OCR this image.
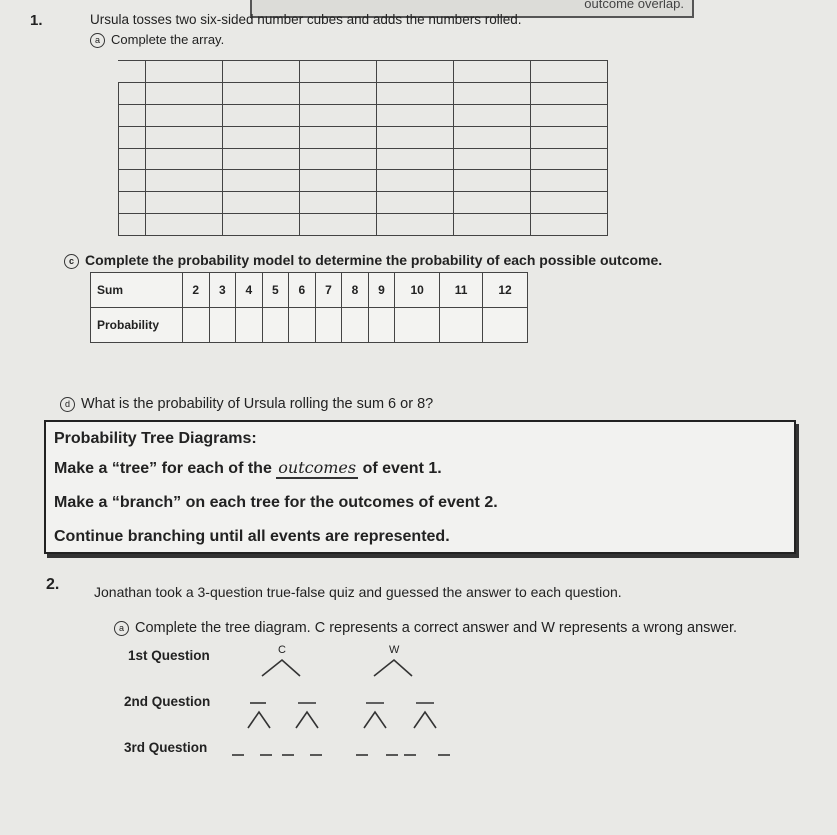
outcome overlap.
1.	Ursula tosses two six-sided number cubes and adds the numbers rolled.
a Complete the array.

c Complete the probability model to determine the probability of each possible outcome.
Sum	2	3	4	5	6	7	8	9	10	11	12
Probability											
d What is the probability of Ursula rolling the sum 6 or 8?
Probability Tree Diagrams:
Make a “tree” for each of the outcomes of event 1.
Make a “branch” on each tree for the outcomes of event 2.
Continue branching until all events are represented.
2. Jonathan took a 3-question true-false quiz and guessed the answer to each question.
a Complete the tree diagram. C represents a correct answer and W represents a wrong answer.
1st Question
2nd Question
3rd Question
C	W
